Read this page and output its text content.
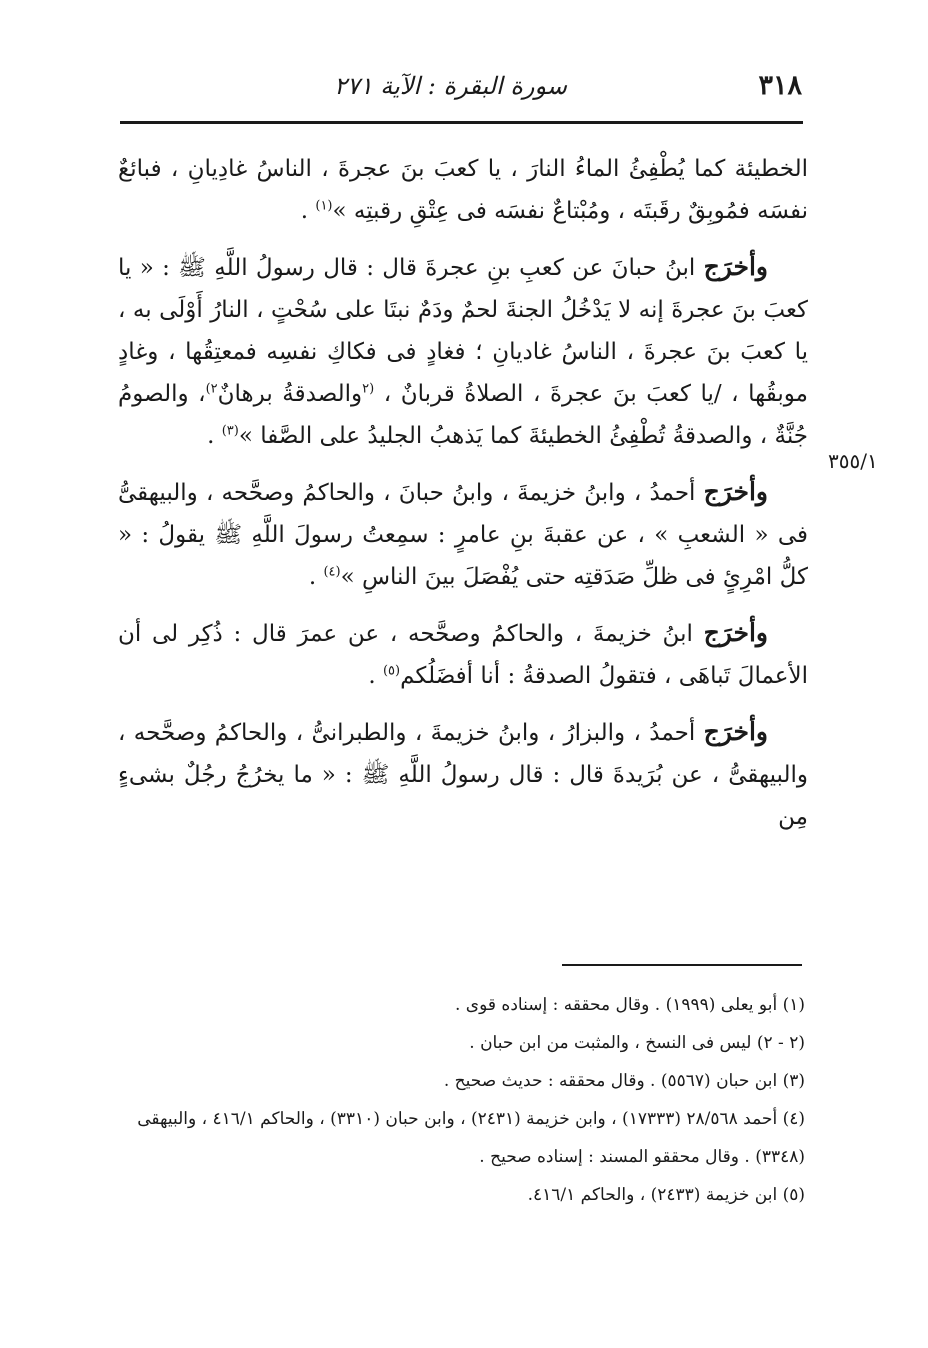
٣١٨
سورة البقرة : الآية ٢٧١
٣٥٥/١

الخطيئة كما يُطْفِئُ الماءُ النارَ ، يا كعبَ بنَ عجرةَ ، الناسُ غادِيانِ ، فبائعٌ نفسَه فمُوبِقٌ رقَبتَه ، ومُبْتاعٌ نفسَه فى عِتْقِ رقبتِه »$^{(١)}$ .

وأخرَج ابنُ حبانَ عن كعبِ بنِ عجرةَ قال : قال رسولُ اللَّهِ ﷺ : « يا كعبَ بنَ عجرةَ إنه لا يَدْخُلُ الجنةَ لحمٌ ودَمٌ نبتَا على سُحْتٍ ، النارُ أَوْلَى به ، يا كعبَ بنَ عجرةَ ، الناسُ غاديانِ ؛ فغادٍ فى فكاكِ نفسِه فمعتِقُها ، وغادٍ موبقُها ، /يا كعبَ بنَ عجرةَ ، الصلاةُ قربانٌ ، $^{(٢}$والصدقةُ برهانٌ$^{٢)}$، والصومُ جُنَّةٌ ، والصدقةُ تُطْفِئُ الخطيئةَ كما يَذهبُ الجليدُ على الصَّفا »$^{(٣)}$ .

وأخرَج أحمدُ ، وابنُ خزيمةَ ، وابنُ حبانَ ، والحاكمُ وصحَّحه ، والبيهقىُّ فى « الشعبِ » ، عن عقبةَ بنِ عامرٍ : سمِعتُ رسولَ اللَّهِ ﷺ يقولُ : « كلُّ امْرِئٍ فى ظلِّ صَدَقتِه حتى يُفْصَلَ بينَ الناسِ »$^{(٤)}$ .

وأخرَج ابنُ خزيمةَ ، والحاكمُ وصحَّحه ، عن عمرَ قال : ذُكِر لى أن الأعمالَ تَباهَى ، فتقولُ الصدقةُ : أنا أفضَلُكم$^{(٥)}$ .

وأخرَج أحمدُ ، والبزارُ ، وابنُ خزيمةَ ، والطبرانىُّ ، والحاكمُ وصحَّحه ، والبيهقىُّ ، عن بُرَيدةَ قال : قال رسولُ اللَّهِ ﷺ : « ما يخرُجُ رجُلٌ بشىءٍ مِن

(١) أبو يعلى (١٩٩٩) . وقال محققه : إسناده قوى .

(٢ - ٢) ليس فى النسخ ، والمثبت من ابن حبان .

(٣) ابن حبان (٥٥٦٧) . وقال محققه : حديث صحيح .

(٤) أحمد ٢٨/٥٦٨ (١٧٣٣٣) ، وابن خزيمة (٢٤٣١) ، وابن حبان (٣٣١٠) ، والحاكم ٤١٦/١ ، والبيهقى (٣٣٤٨) . وقال محققو المسند : إسناده صحيح .

(٥) ابن خزيمة (٢٤٣٣) ، والحاكم ٤١٦/١.
